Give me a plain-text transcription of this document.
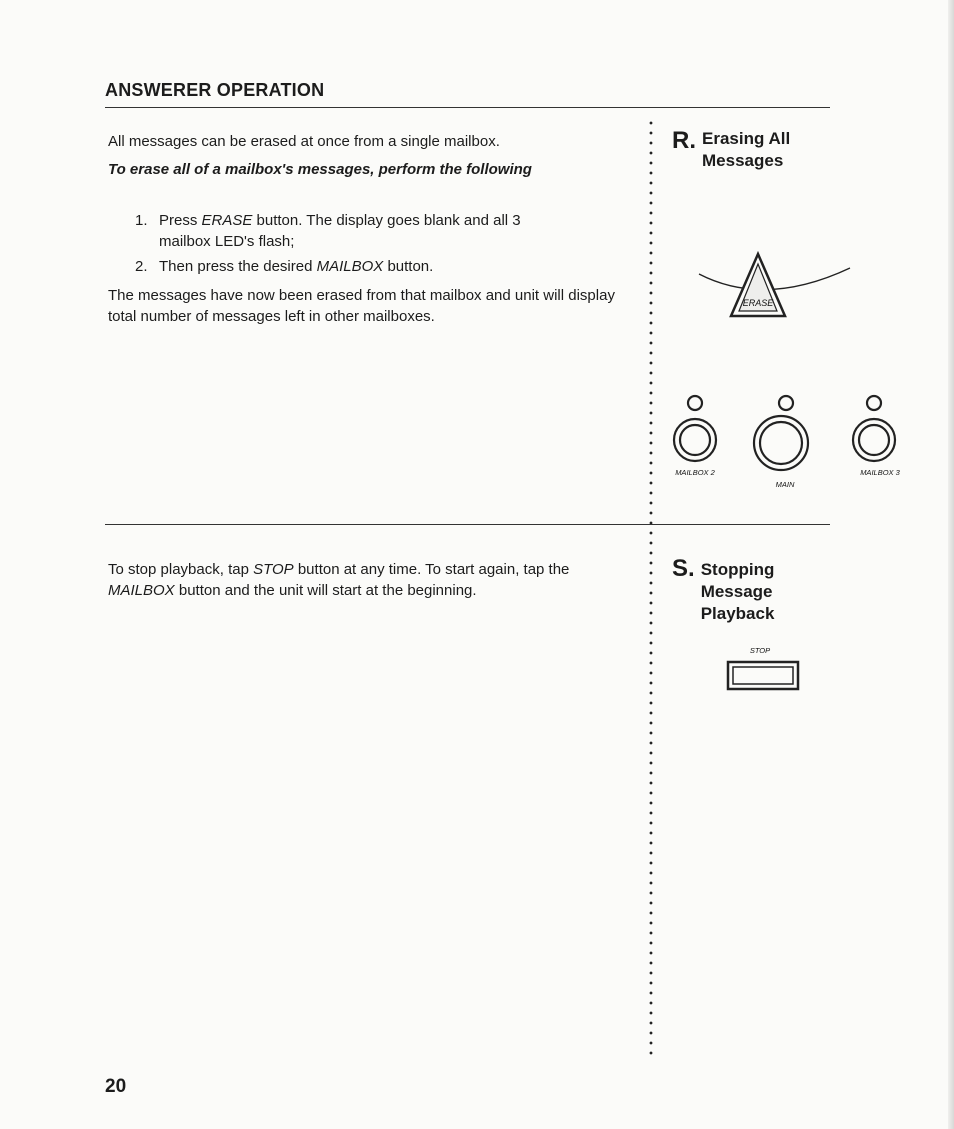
ANSWERER OPERATION

All messages can be erased at once from a single mailbox.

To erase all of a mailbox's messages, perform the following

1. Press ERASE button. The display goes blank and all 3
mailbox LED's flash;
2. Then press the desired MAILBOX button.

The messages have now been erased from that mailbox and unit will display total number of messages left in other mailboxes.

R. Erasing All
Messages
ERASE
MAILBOX 2
MAIN
MAILBOX 3

To stop playback, tap STOP button at any time. To start again, tap the MAILBOX button and the unit will start at the beginning.

S. Stopping
Message
Playback
STOP
20
